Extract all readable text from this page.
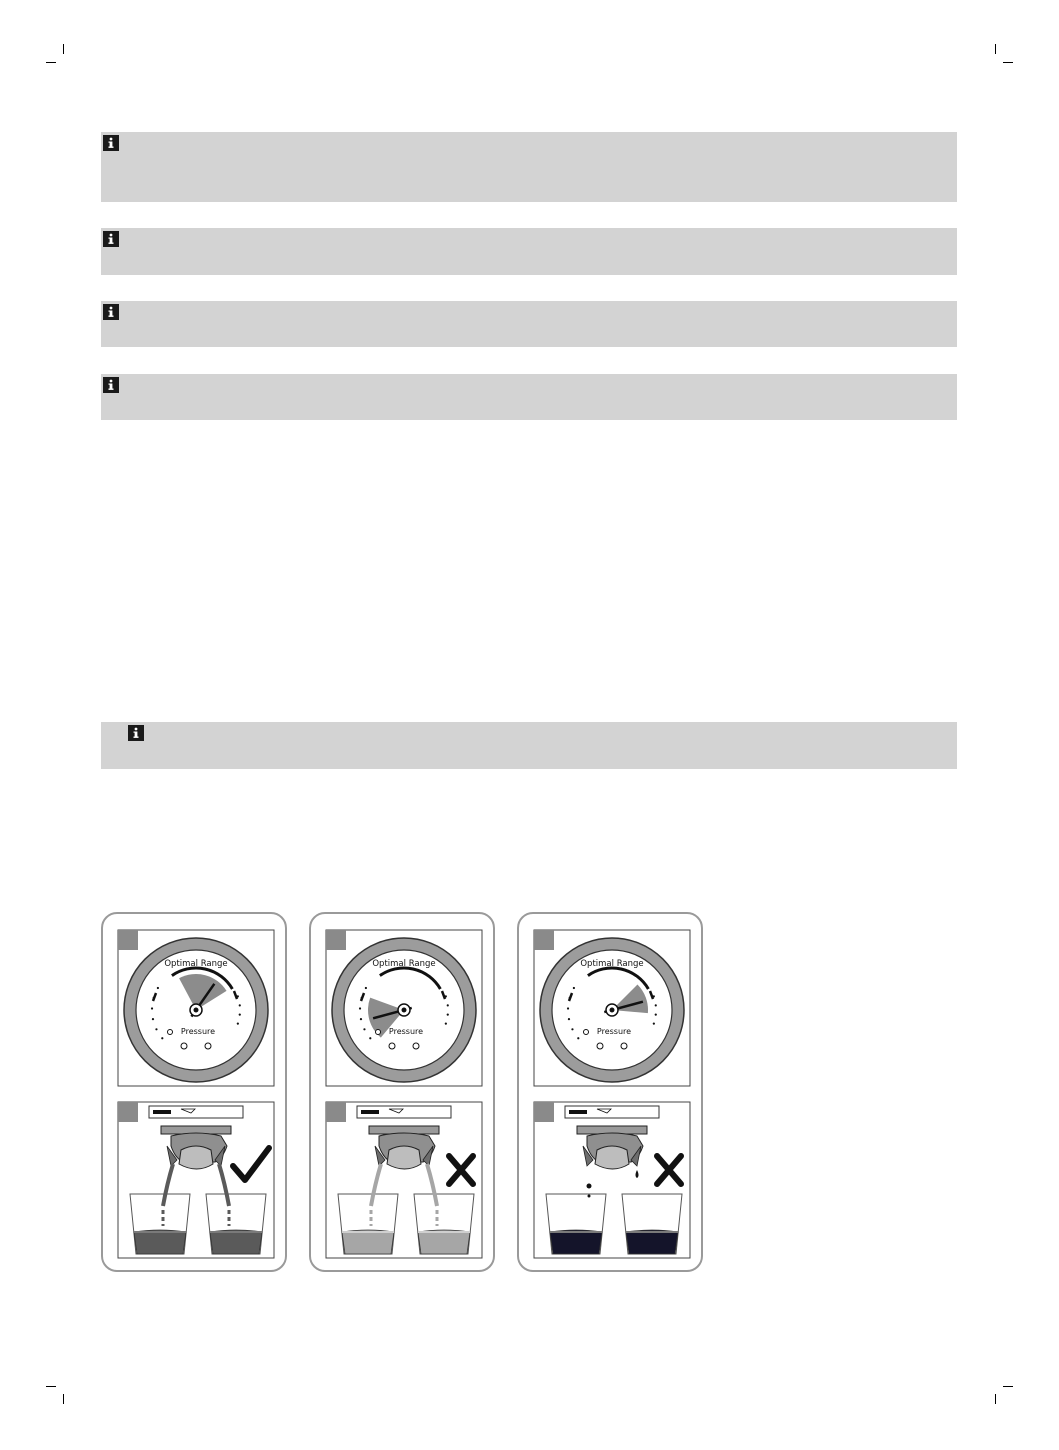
Optimal Range
Pressure
Optimal Range
Pressure
Optimal Range
Pressure
